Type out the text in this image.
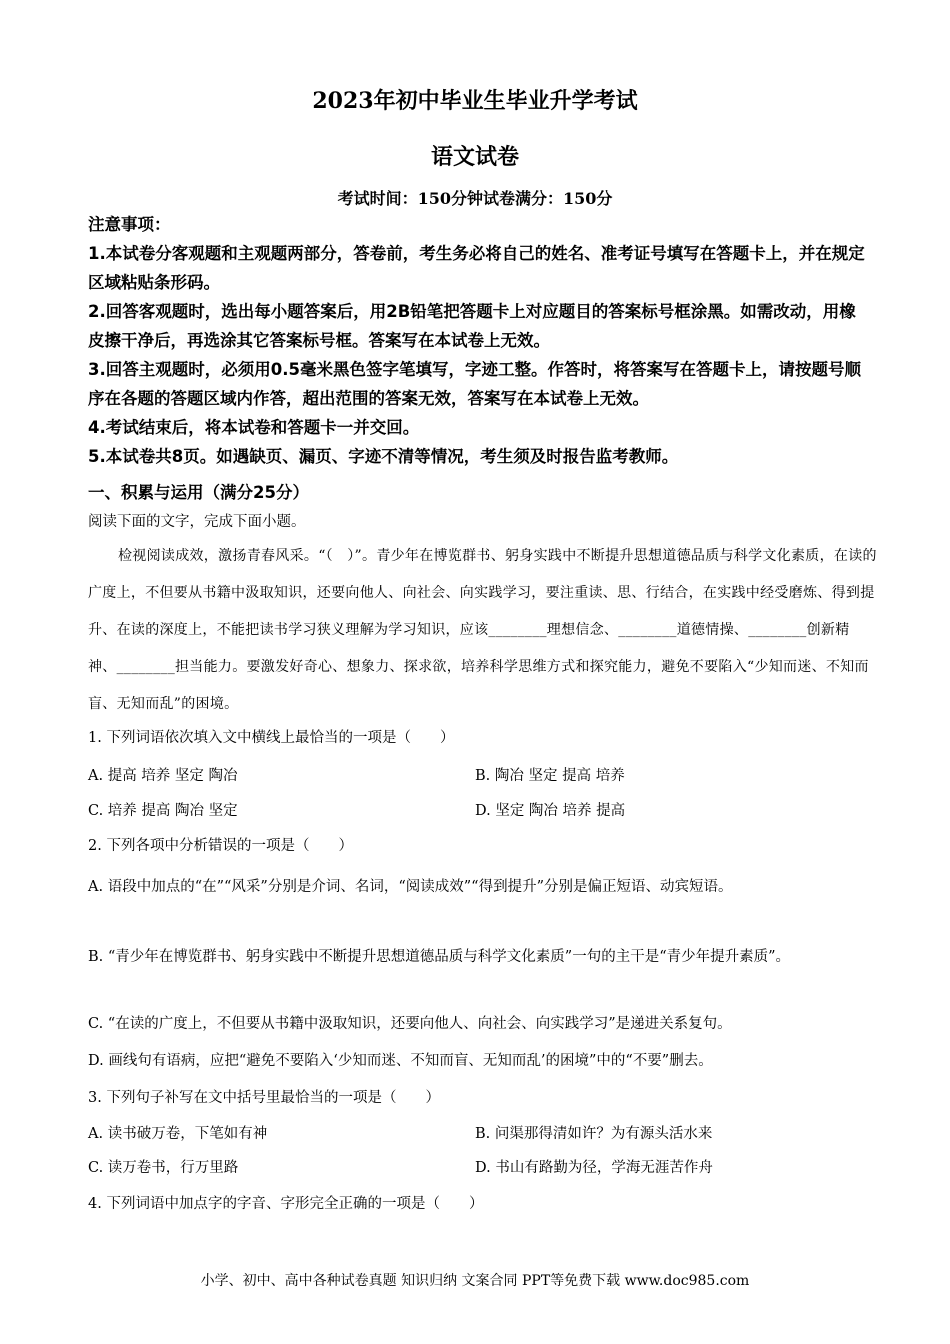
2023年初中毕业生毕业升学考试
语文试卷
考试时间：150分钟试卷满分：150分

注意事项：

1.本试卷分客观题和主观题两部分，答卷前，考生务必将自己的姓名、准考证号填写在答题卡上，并在规定区域粘贴条形码。

2.回答客观题时，选出每小题答案后，用2B铅笔把答题卡上对应题目的答案标号框涂黑。如需改动，用橡皮擦干净后，再选涂其它答案标号框。答案写在本试卷上无效。

3.回答主观题时，必须用0.5毫米黑色签字笔填写，字迹工整。作答时，将答案写在答题卡上，请按题号顺序在各题的答题区域内作答，超出范围的答案无效，答案写在本试卷上无效。

4.考试结束后，将本试卷和答题卡一并交回。

5.本试卷共8页。如遇缺页、漏页、字迹不清等情况，考生须及时报告监考教师。

一、积累与运用（满分25分）
阅读下面的文字，完成下面小题。

检视阅读成效，激扬青春风采。“（　）”。青少年在博览群书、躬身实践中不断提升思想道德品质与科学文化素质，在读的广度上，不但要从书籍中汲取知识，还要向他人、向社会、向实践学习，要注重读、思、行结合，在实践中经受磨炼、得到提升、在读的深度上，不能把读书学习狭义理解为学习知识，应该________理想信念、________道德情操、________创新精神、________担当能力。要激发好奇心、想象力、探求欲，培养科学思维方式和探究能力，避免不要陷入“少知而迷、不知而盲、无知而乱”的困境。

1. 下列词语依次填入文中横线上最恰当的一项是（　　）
A. 提高 培养 坚定 陶冶	B. 陶冶 坚定 提高 培养
C. 培养 提高 陶冶 坚定	D. 坚定 陶冶 培养 提高
2. 下列各项中分析错误的一项是（　　）
A. 语段中加点的“在”“风采”分别是介词、名词，“阅读成效”“得到提升”分别是偏正短语、动宾短语。
B. “青少年在博览群书、躬身实践中不断提升思想道德品质与科学文化素质”一句的主干是“青少年提升素质”。
C. “在读的广度上，不但要从书籍中汲取知识，还要向他人、向社会、向实践学习”是递进关系复句。
D. 画线句有语病，应把“避免不要陷入‘少知而迷、不知而盲、无知而乱’的困境”中的“不要”删去。
3. 下列句子补写在文中括号里最恰当的一项是（　　）
A. 读书破万卷，下笔如有神	B. 问渠那得清如许？为有源头活水来
C. 读万卷书，行万里路	D. 书山有路勤为径，学海无涯苦作舟
4. 下列词语中加点字的字音、字形完全正确的一项是（　　）
小学、初中、高中各种试卷真题 知识归纳 文案合同 PPT等免费下载 www.doc985.com
